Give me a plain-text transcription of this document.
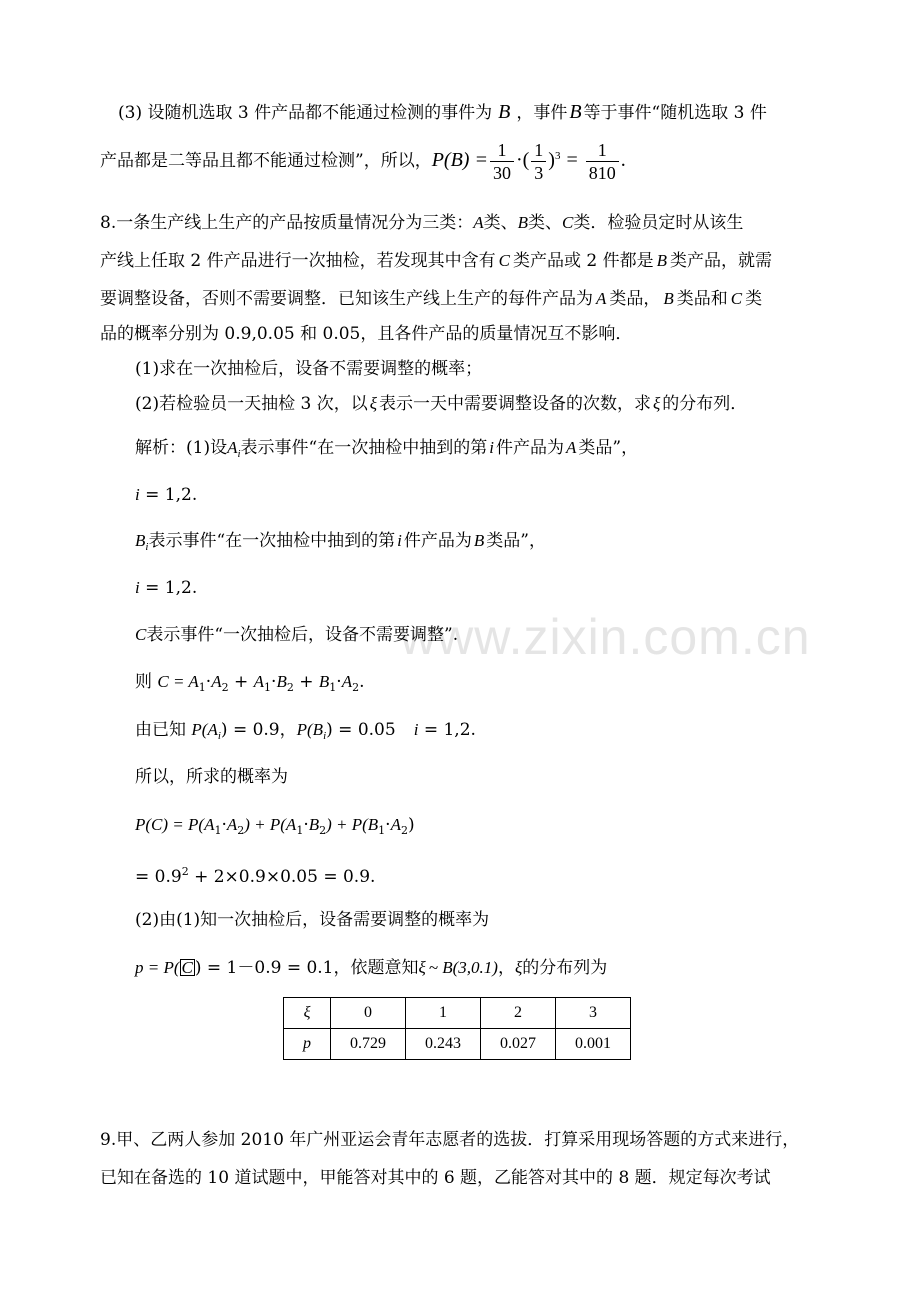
www.zixin.com.cn
(3) 设随机选取 3 件产品都不能通过检测的事件为 B ，事件 B 等于事件“随机选取 3 件
产品都是二等品且都不能通过检测”，所以，$P(B) = \frac{1}{30}$ ·( $\frac{1}{3} )^3 = \frac{1}{810}$ .
8.一条生产线上生产的产品按质量情况分为三类：A类、B类、C类．检验员定时从该生
产线上任取 2 件产品进行一次抽检，若发现其中含有 C 类产品或 2 件都是 B 类产品，就需
要调整设备，否则不需要调整．已知该生产线上生产的每件产品为 A 类品， B 类品和 C 类
品的概率分别为 0.9,0.05 和 0.05，且各件产品的质量情况互不影响．
(1)求在一次抽检后，设备不需要调整的概率；
(2)若检验员一天抽检 3 次，以 ξ 表示一天中需要调整设备的次数，求 ξ 的分布列．
解析：(1)设$A_i$表示事件“在一次抽检中抽到的第 i 件产品为 A 类品”，
i = 1,2.
$B_i$表示事件“在一次抽检中抽到的第 i 件产品为 B 类品”，
i = 1,2.
C表示事件“一次抽检后，设备不需要调整”.
则 $C = A_1\cdot A_2 + A_1\cdot B_2 + B_1\cdot A_2$.
由已知 $P(A_i) = 0.9$，$P(B_i) = 0.05$ i = 1,2.
所以，所求的概率为
$P(C) = P(A_1\cdot A_2) + P(A_1\cdot B_2) + P(B_1\cdot A_2)$
= $0.9^2 + 2\times 0.9\times 0.05 = 0.9$.
(2)由(1)知一次抽检后，设备需要调整的概率为
p = P( C ) = 1－0.9 = 0.1，依题意知ξ ~ B(3,0.1)，ξ的分布列为
ξ	0	1	2	3
p	0.729	0.243	0.027	0.001
9.甲、乙两人参加 2010 年广州亚运会青年志愿者的选拔．打算采用现场答题的方式来进行，
已知在备选的 10 道试题中，甲能答对其中的 6 题，乙能答对其中的 8 题．规定每次考试
